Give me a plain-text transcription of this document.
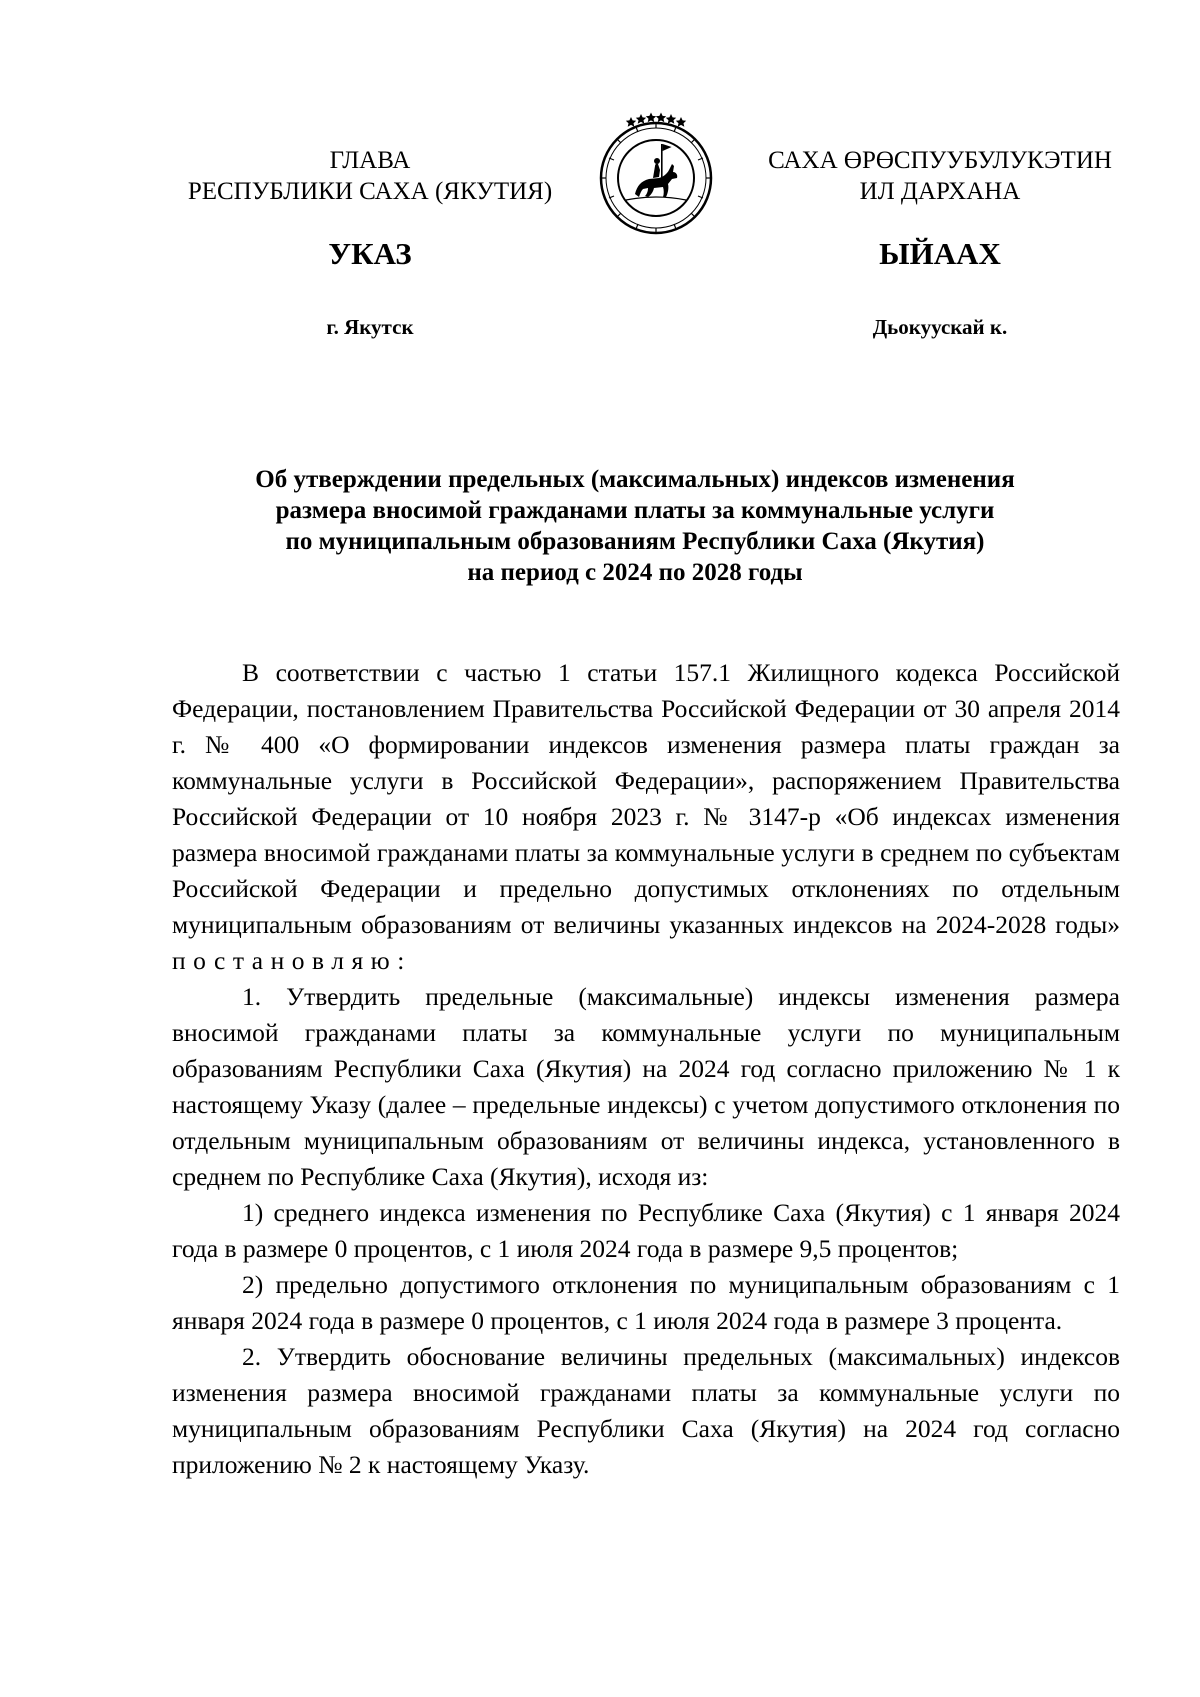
ГЛАВА
РЕСПУБЛИКИ САХА (ЯКУТИЯ)
САХА ӨРӨСПУУБУЛУКЭТИН
ИЛ ДАРХАНА
УКАЗ	ЫЙААХ
г. Якутск	Дьокуускай к.
Об утверждении предельных (максимальных) индексов изменения
размера вносимой гражданами платы за коммунальные услуги
по муниципальным образованиям Республики Саха (Якутия)
на период с 2024 по 2028 годы

В соответствии с частью 1 статьи 157.1 Жилищного кодекса Российской Федерации, постановлением Правительства Российской Федерации от 30 апреля 2014 г. № 400 «О формировании индексов изменения размера платы граждан за коммунальные услуги в Российской Федерации», распоряжением Правительства Российской Федерации от 10 ноября 2023 г. № 3147-р «Об индексах изменения размера вносимой гражданами платы за коммунальные услуги в среднем по субъектам Российской Федерации и предельно допустимых отклонениях по отдельным муниципальным образованиям от величины указанных индексов на 2024-2028 годы» постановляю:

1. Утвердить предельные (максимальные) индексы изменения размера вносимой гражданами платы за коммунальные услуги по муниципальным образованиям Республики Саха (Якутия) на 2024 год согласно приложению № 1 к настоящему Указу (далее – предельные индексы) с учетом допустимого отклонения по отдельным муниципальным образованиям от величины индекса, установленного в среднем по Республике Саха (Якутия), исходя из:

1) среднего индекса изменения по Республике Саха (Якутия) с 1 января 2024 года в размере 0 процентов, с 1 июля 2024 года в размере 9,5 процентов;

2) предельно допустимого отклонения по муниципальным образованиям с 1 января 2024 года в размере 0 процентов, с 1 июля 2024 года в размере 3 процента.

2. Утвердить обоснование величины предельных (максимальных) индексов изменения размера вносимой гражданами платы за коммунальные услуги по муниципальным образованиям Республики Саха (Якутия) на 2024 год согласно приложению № 2 к настоящему Указу.
